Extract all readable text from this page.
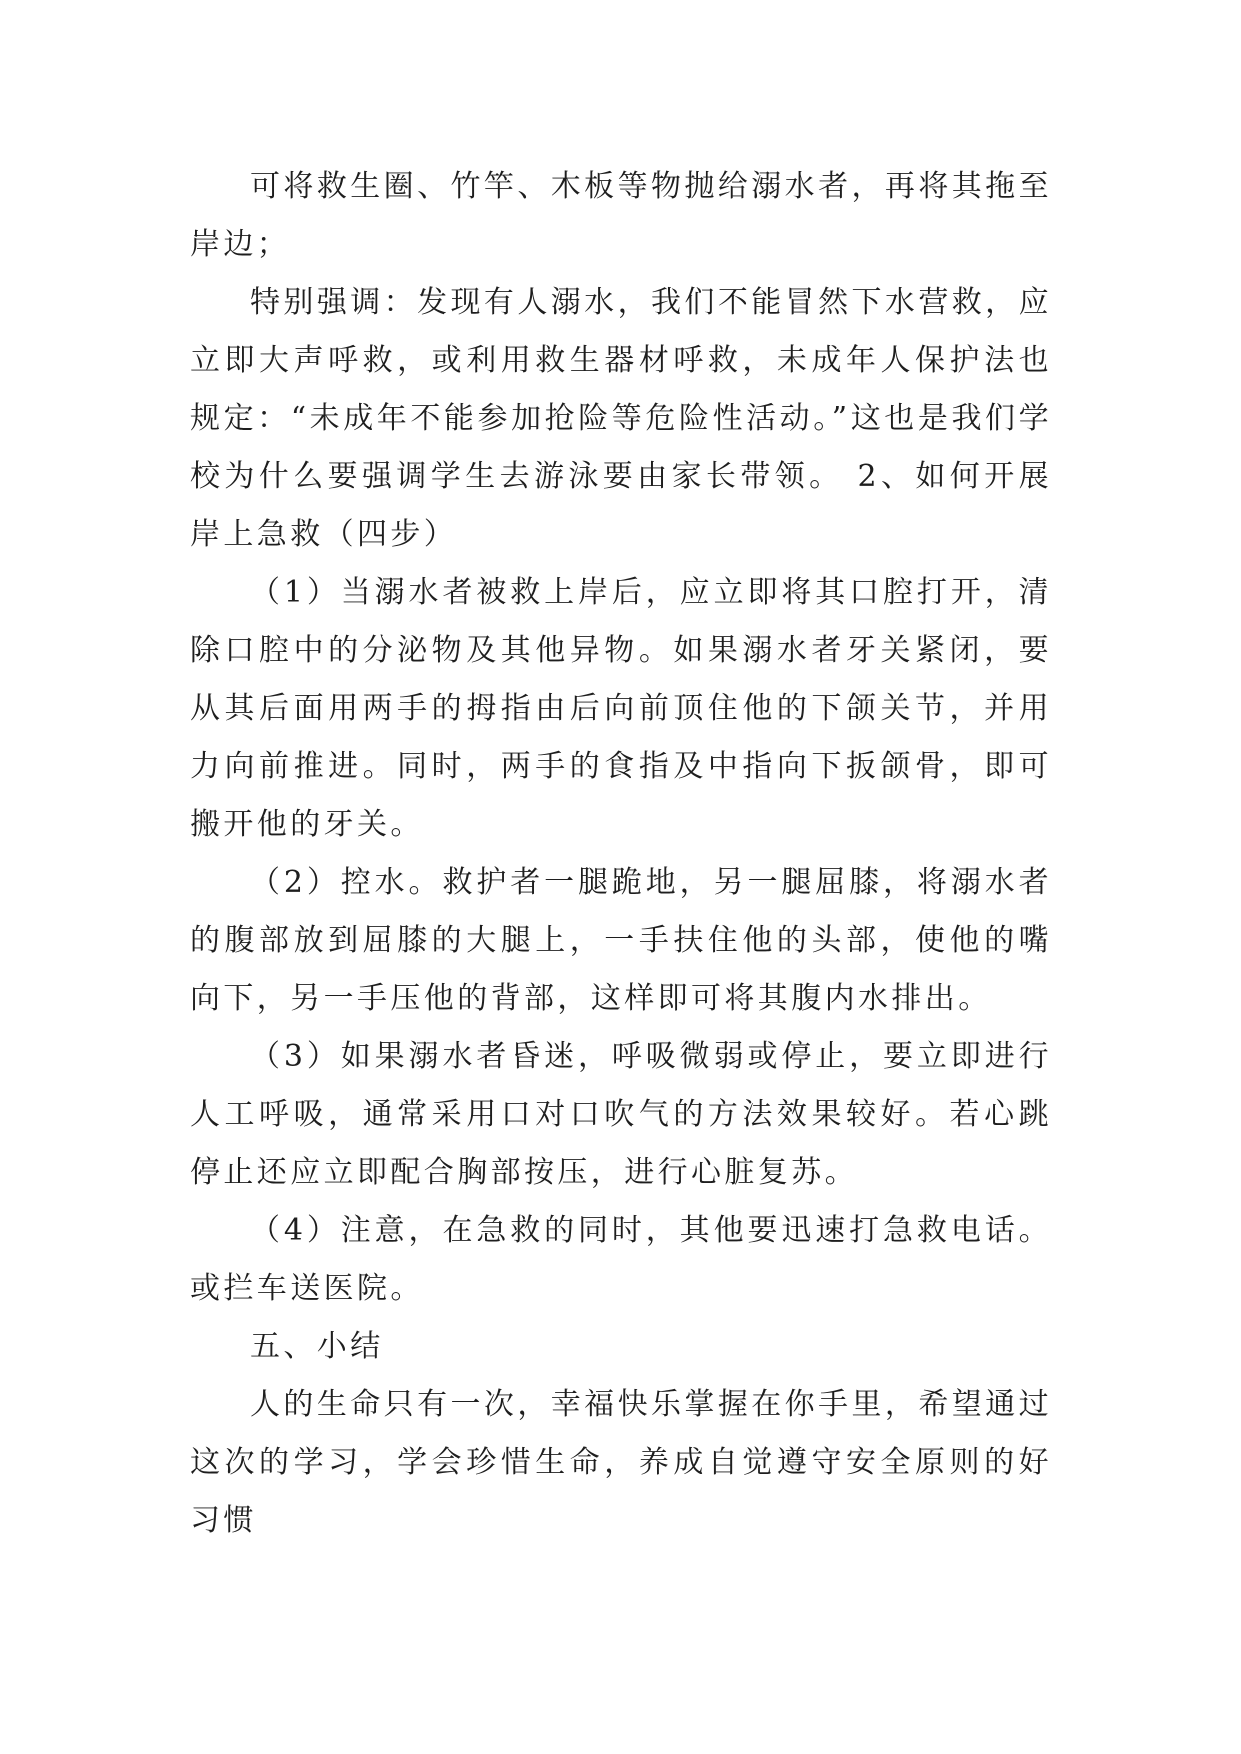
可将救生圈、竹竿、木板等物抛给溺水者，再将其拖至岸边；

特别强调：发现有人溺水，我们不能冒然下水营救，应立即大声呼救，或利用救生器材呼救，未成年人保护法也规定：“未成年不能参加抢险等危险性活动。”这也是我们学校为什么要强调学生去游泳要由家长带领。 2、如何开展岸上急救（四步）

（1）当溺水者被救上岸后，应立即将其口腔打开，清除口腔中的分泌物及其他异物。如果溺水者牙关紧闭，要从其后面用两手的拇指由后向前顶住他的下颌关节，并用力向前推进。同时，两手的食指及中指向下扳颌骨，即可搬开他的牙关。

（2）控水。救护者一腿跪地，另一腿屈膝，将溺水者的腹部放到屈膝的大腿上，一手扶住他的头部，使他的嘴向下，另一手压他的背部，这样即可将其腹内水排出。

（3）如果溺水者昏迷，呼吸微弱或停止，要立即进行人工呼吸，通常采用口对口吹气的方法效果较好。若心跳停止还应立即配合胸部按压，进行心脏复苏。

（4）注意，在急救的同时，其他要迅速打急救电话。或拦车送医院。

五、小结

人的生命只有一次，幸福快乐掌握在你手里，希望通过这次的学习，学会珍惜生命，养成自觉遵守安全原则的好习惯
